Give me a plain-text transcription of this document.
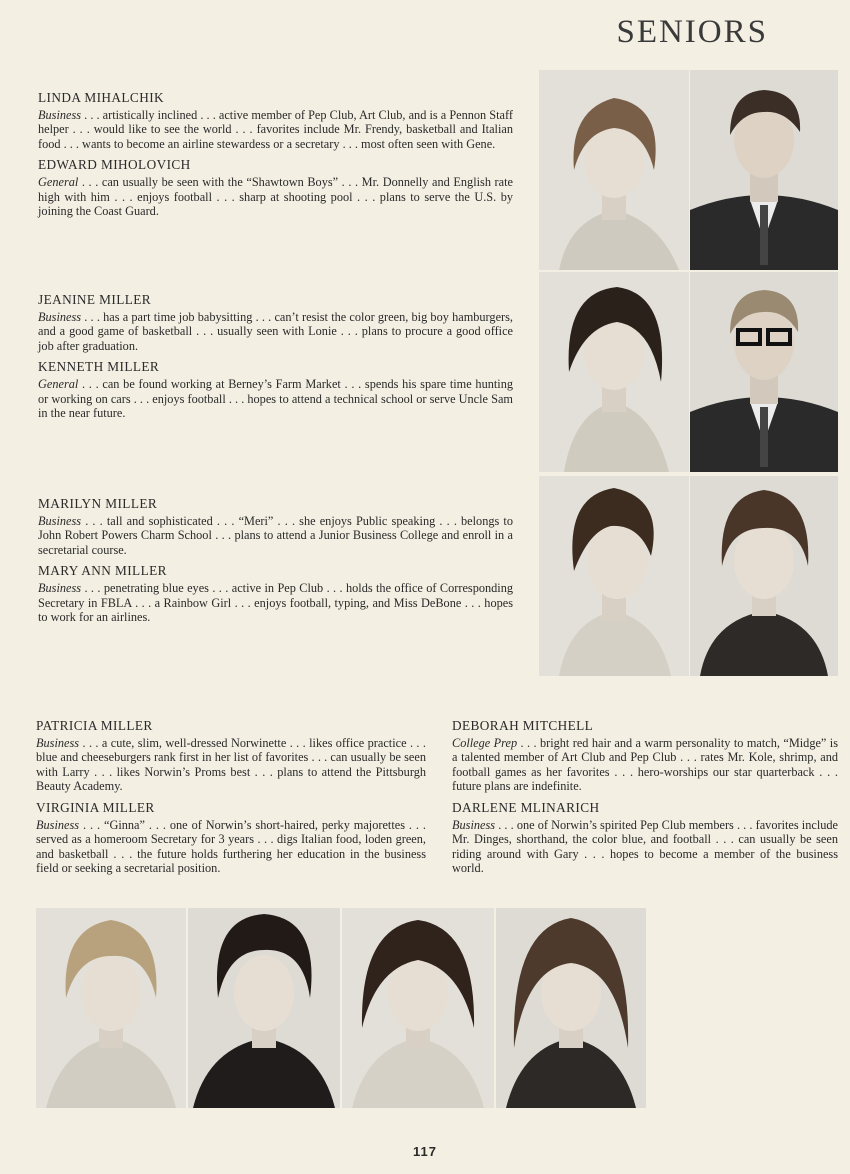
SENIORS
LINDA MIHALCHIK
Business . . . artistically inclined . . . active member of Pep Club, Art Club, and is a Pennon Staff helper . . . would like to see the world . . . favorites include Mr. Frendy, basketball and Italian food . . . wants to become an airline stewardess or a secretary . . . most often seen with Gene.
EDWARD MIHOLOVICH
General . . . can usually be seen with the “Shawtown Boys” . . . Mr. Donnelly and English rate high with him . . . enjoys football . . . sharp at shooting pool . . . plans to serve the U.S. by joining the Coast Guard.
JEANINE MILLER
Business . . . has a part time job babysitting . . . can’t resist the color green, big boy hamburgers, and a good game of basketball . . . usually seen with Lonie . . . plans to procure a good office job after graduation.
KENNETH MILLER
General . . . can be found working at Berney’s Farm Market . . . spends his spare time hunting or working on cars . . . enjoys football . . . hopes to attend a technical school or serve Uncle Sam in the near future.
MARILYN MILLER
Business . . . tall and sophisticated . . . “Meri” . . . she enjoys Public speaking . . . belongs to John Robert Powers Charm School . . . plans to attend a Junior Business College and enroll in a secretarial course.
MARY ANN MILLER
Business . . . penetrating blue eyes . . . active in Pep Club . . . holds the office of Corresponding Secretary in FBLA . . . a Rainbow Girl . . . enjoys football, typing, and Miss DeBone . . . hopes to work for an airlines.
PATRICIA MILLER
Business . . . a cute, slim, well-dressed Norwinette . . . likes office practice . . . blue and cheeseburgers rank first in her list of favorites . . . can usually be seen with Larry . . . likes Norwin’s Proms best . . . plans to attend the Pittsburgh Beauty Academy.
VIRGINIA MILLER
Business . . . “Ginna” . . . one of Norwin’s short-haired, perky majorettes . . . served as a homeroom Secretary for 3 years . . . digs Italian food, loden green, and basketball . . . the future holds furthering her education in the business field or seeking a secretarial position.
DEBORAH MITCHELL
College Prep . . . bright red hair and a warm personality to match, “Midge” is a talented member of Art Club and Pep Club . . . rates Mr. Kole, shrimp, and football games as her favorites . . . hero-worships our star quarterback . . . future plans are indefinite.
DARLENE MLINARICH
Business . . . one of Norwin’s spirited Pep Club members . . . favorites include Mr. Dinges, shorthand, the color blue, and football . . . can usually be seen riding around with Gary . . . hopes to become a member of the business world.
117
